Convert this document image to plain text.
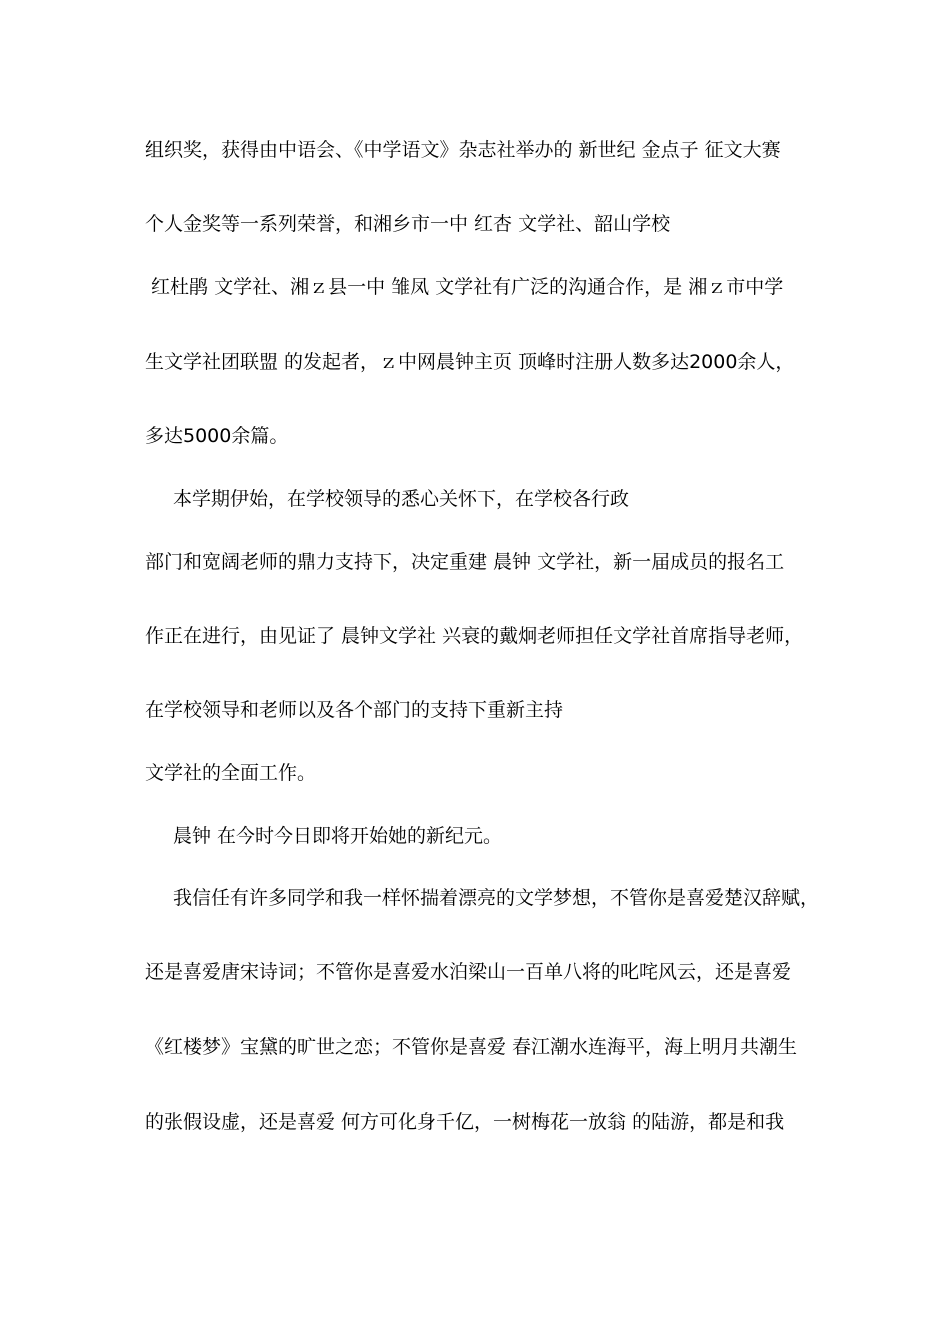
组织奖，获得由中语会、《中学语文》杂志社举办的 新世纪 金点子 征文大赛
个人金奖等一系列荣誉，和湘乡市一中 红杏 文学社、韶山学校
红杜鹃 文学社、湘ｚ县一中 雏凤 文学社有广泛的沟通合作，是 湘ｚ市中学
生文学社团联盟 的发起者，ｚ中网晨钟主页 顶峰时注册人数多达2000余人，
多达5000余篇。
本学期伊始，在学校领导的悉心关怀下，在学校各行政
部门和宽阔老师的鼎力支持下，决定重建 晨钟 文学社，新一届成员的报名工
作正在进行，由见证了 晨钟文学社 兴衰的戴炯老师担任文学社首席指导老师，
在学校领导和老师以及各个部门的支持下重新主持
文学社的全面工作。
晨钟 在今时今日即将开始她的新纪元。
我信任有许多同学和我一样怀揣着漂亮的文学梦想，不管你是喜爱楚汉辞赋，
还是喜爱唐宋诗词；不管你是喜爱水泊梁山一百单八将的叱咤风云，还是喜爱
《红楼梦》宝黛的旷世之恋；不管你是喜爱 春江潮水连海平，海上明月共潮生
的张假设虚，还是喜爱 何方可化身千亿，一树梅花一放翁 的陆游，都是和我
